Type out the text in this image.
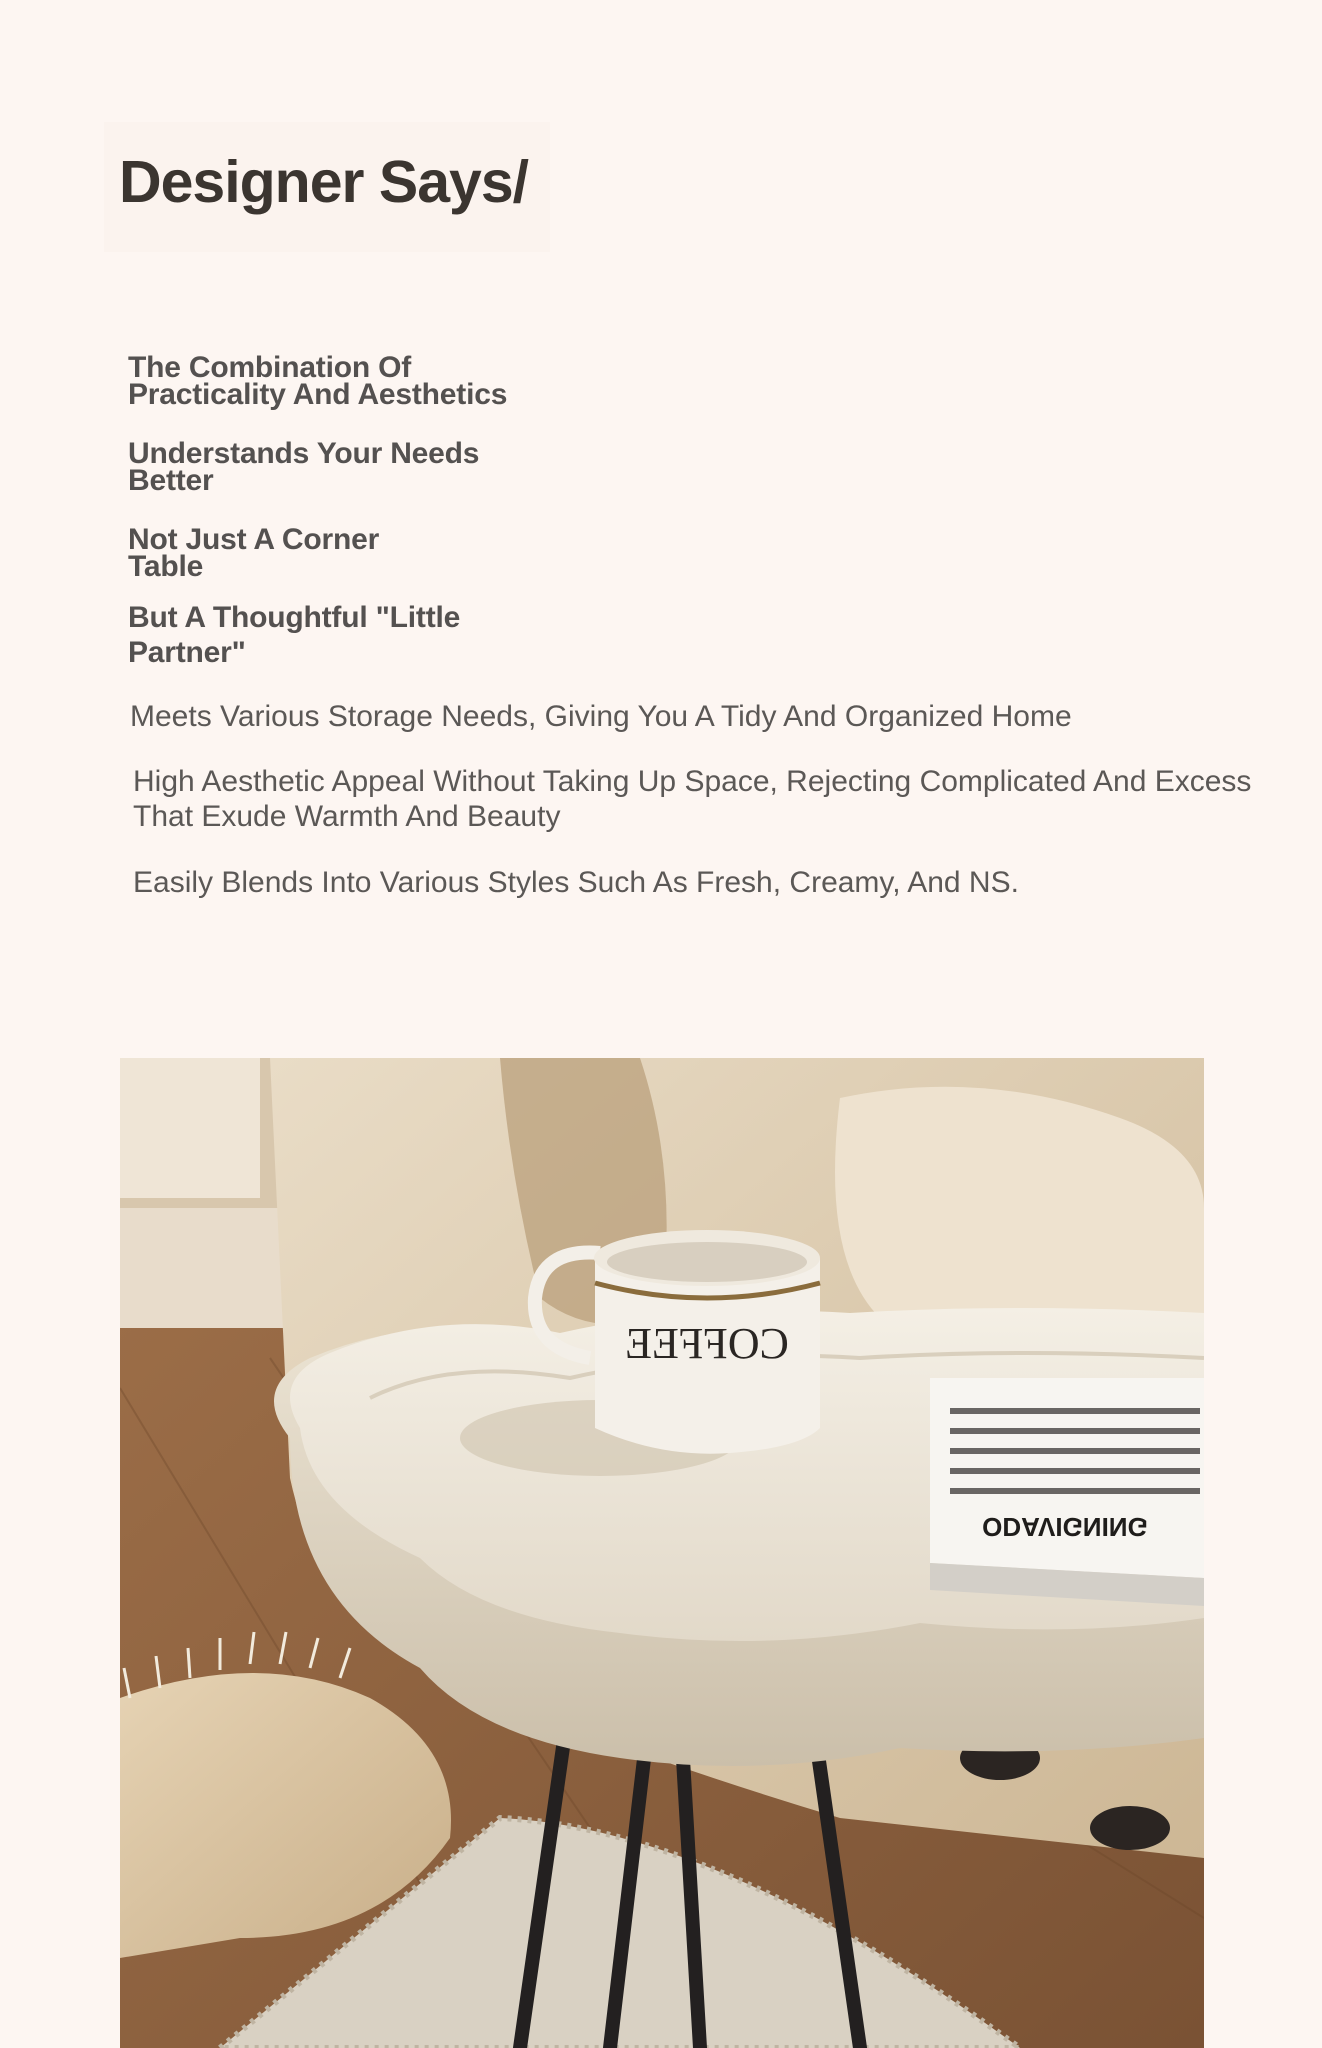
Designer Says/
The Combination Of
Practicality And Aesthetics
Understands Your Needs
Better
Not Just A Corner
Table
But A Thoughtful "Little
Partner"

Meets Various Storage Needs, Giving You A Tidy And Organized Home

High Aesthetic Appeal Without Taking Up Space, Rejecting Complicated And Excess
That Exude Warmth And Beauty

Easily Blends Into Various Styles Such As Fresh, Creamy, And NS.

COFFEE
ODAVIGNING
